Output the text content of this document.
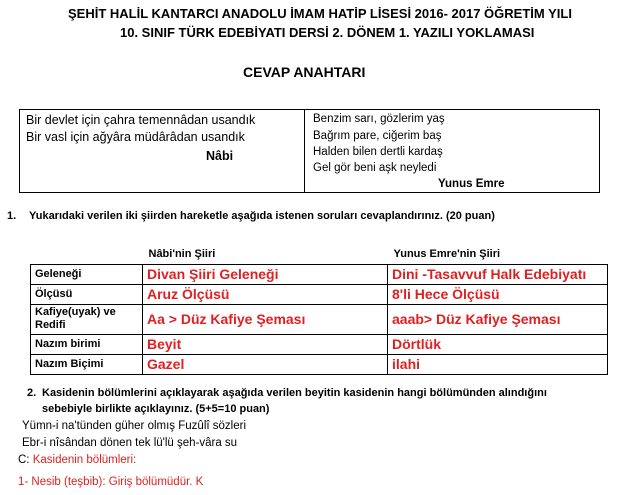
ŞEHİT HALİL KANTARCI ANADOLU İMAM HATİP LİSESİ 2016- 2017 ÖĞRETİM YILI
10. SINIF TÜRK EDEBİYATI DERSİ 2. DÖNEM 1. YAZILI YOKLAMASI
CEVAP ANAHTARI
Bir devlet için çahra temennâdan usandık
Bir vasl için ağyâra müdârâdan usandık
Nâbi
Benzim sarı, gözlerim yaş
Bağrım pare, ciğerim baş
Halden bilen dertli kardaş
Gel gör beni aşk neyledi
Yunus Emre
1. Yukarıdaki verilen iki şiirden hareketle aşağıda istenen soruları cevaplandırınız. (20 puan)
	Nâbi'nin Şiiri	Yunus Emre'nin Şiiri
Geleneği	Divan Şiiri Geleneği	Dini -Tasavvuf Halk Edebiyatı
Ölçüsü	Aruz Ölçüsü	8'li Hece Ölçüsü
Kafiye(uyak) ve Redifi	Aa > Düz Kafiye Şeması	aaab> Düz Kafiye Şeması
Nazım birimi	Beyit	Dörtlük
Nazım Biçimi	Gazel	ilahi
2. Kasidenin bölümlerini açıklayarak aşağıda verilen beyitin kasidenin hangi bölümünden alındığını
sebebiyle birlikte açıklayınız. (5+5=10 puan)
Yümn-i na'tünden güher olmış Fuzûlî sözleri
Ebr-i nîsândan dönen tek lü'lü şeh-vâra su
C: Kasidenin bölümleri:
1- Nesib (teşbib): Giriş bölümüdür. K
